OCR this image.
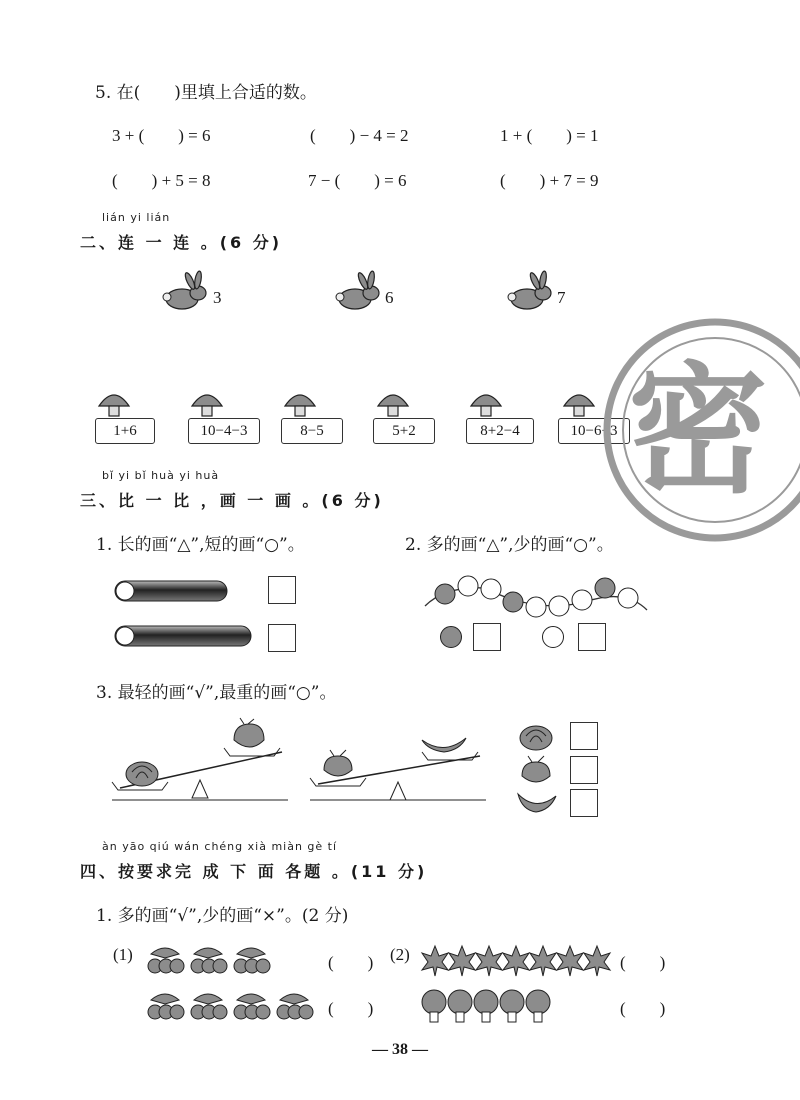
5. 在(　　)里填上合适的数。
3 + (　　) = 6	(　　) − 4 = 2	1 + (　　) = 1
(　　) + 5 = 8	7 − (　　) = 6	(　　) + 7 = 9
lián yi lián
二、连 一 连 。(6 分)
3	6	7
1+6	10−4−3	8−5	5+2	8+2−4	10−6+3 密
bǐ yi bǐ huà yi huà
三、比 一 比 ，画 一 画 。(6 分)
1. 长的画“△”,短的画“○”。	2. 多的画“△”,少的画“○”。
3. 最轻的画“√”,最重的画“○”。
àn yāo qiú wán chéng xià miàn gè tí
四、按要求完 成 下 面 各题 。(11 分)
1. 多的画“√”,少的画“×”。(2 分)
(1)	(　　)
(　　)
(2)	(　　)
(　　)
— 38 —
